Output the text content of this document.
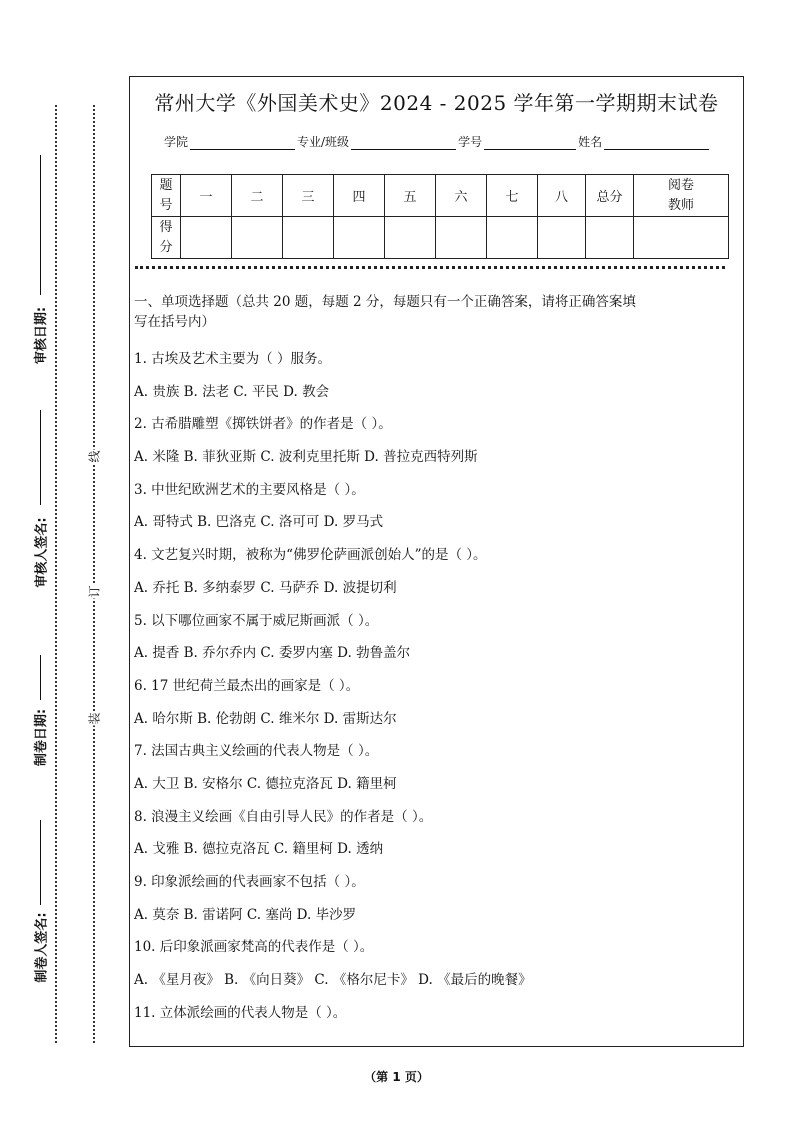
审核日期:
审核人签名:
制卷日期:
制卷人签名:
线
订
装
常州大学《外国美术史》2024 - 2025 学年第一学期期末试卷
学院	专业/班级	学号	姓名
题
号	一	二	三	四	五	六	七	八	总分	阅卷
教师
得
分										
一、单项选择题（总共 20 题，每题 2 分，每题只有一个正确答案，请将正确答案填
写在括号内）
1. 古埃及艺术主要为（ ）服务。
A. 贵族 B. 法老 C. 平民 D. 教会
2. 古希腊雕塑《掷铁饼者》的作者是（ ）。
A. 米隆 B. 菲狄亚斯 C. 波利克里托斯 D. 普拉克西特列斯
3. 中世纪欧洲艺术的主要风格是（ ）。
A. 哥特式 B. 巴洛克 C. 洛可可 D. 罗马式
4. 文艺复兴时期，被称为“佛罗伦萨画派创始人”的是（ ）。
A. 乔托 B. 多纳泰罗 C. 马萨乔 D. 波提切利
5. 以下哪位画家不属于威尼斯画派（ ）。
A. 提香 B. 乔尔乔内 C. 委罗内塞 D. 勃鲁盖尔
6. 17 世纪荷兰最杰出的画家是（ ）。
A. 哈尔斯 B. 伦勃朗 C. 维米尔 D. 雷斯达尔
7. 法国古典主义绘画的代表人物是（ ）。
A. 大卫 B. 安格尔 C. 德拉克洛瓦 D. 籍里柯
8. 浪漫主义绘画《自由引导人民》的作者是（ ）。
A. 戈雅 B. 德拉克洛瓦 C. 籍里柯 D. 透纳
9. 印象派绘画的代表画家不包括（ ）。
A. 莫奈 B. 雷诺阿 C. 塞尚 D. 毕沙罗
10. 后印象派画家梵高的代表作是（ ）。
A. 《星月夜》 B. 《向日葵》 C. 《格尔尼卡》 D. 《最后的晚餐》
11. 立体派绘画的代表人物是（ ）。
（第 1 页）
